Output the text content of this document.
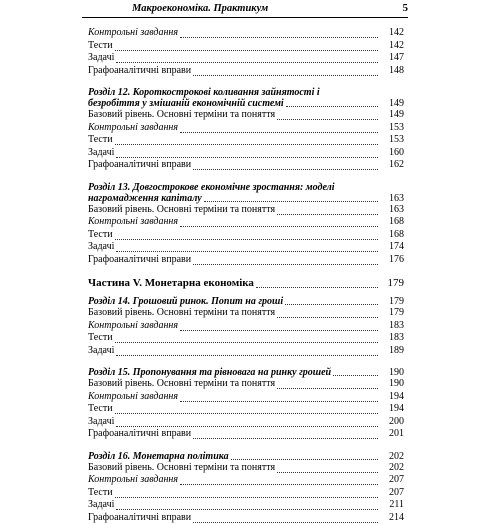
Макроекономіка. Практикум	5
Контрольні завдання	142
Тести	142
Задачі	147
Графоаналітичні вправи	148
Розділ 12. Короткострокові коливання зайнятості і безробіття у змішаній економічній системі	149
Базовий рівень. Основні терміни та поняття	149
Контрольні завдання	153
Тести	153
Задачі	160
Графоаналітичні вправи	162
Розділ 13. Довгострокове економічне зростання: моделі нагромадження капіталу	163
Базовий рівень. Основні терміни та поняття	163
Контрольні завдання	168
Тести	168
Задачі	174
Графоаналітичні вправи	176
Частина V. Монетарна економіка	179
Розділ 14. Грошовий ринок. Попит на гроші	179
Базовий рівень. Основні терміни та поняття	179
Контрольні завдання	183
Тести	183
Задачі	189
Розділ 15. Пропонування та рівновага на ринку грошей	190
Базовий рівень. Основні терміни та поняття	190
Контрольні завдання	194
Тести	194
Задачі	200
Графоаналітичні вправи	201
Розділ 16. Монетарна політика	202
Базовий рівень. Основні терміни та поняття	202
Контрольні завдання	207
Тести	207
Задачі	211
Графоаналітичні вправи	214
